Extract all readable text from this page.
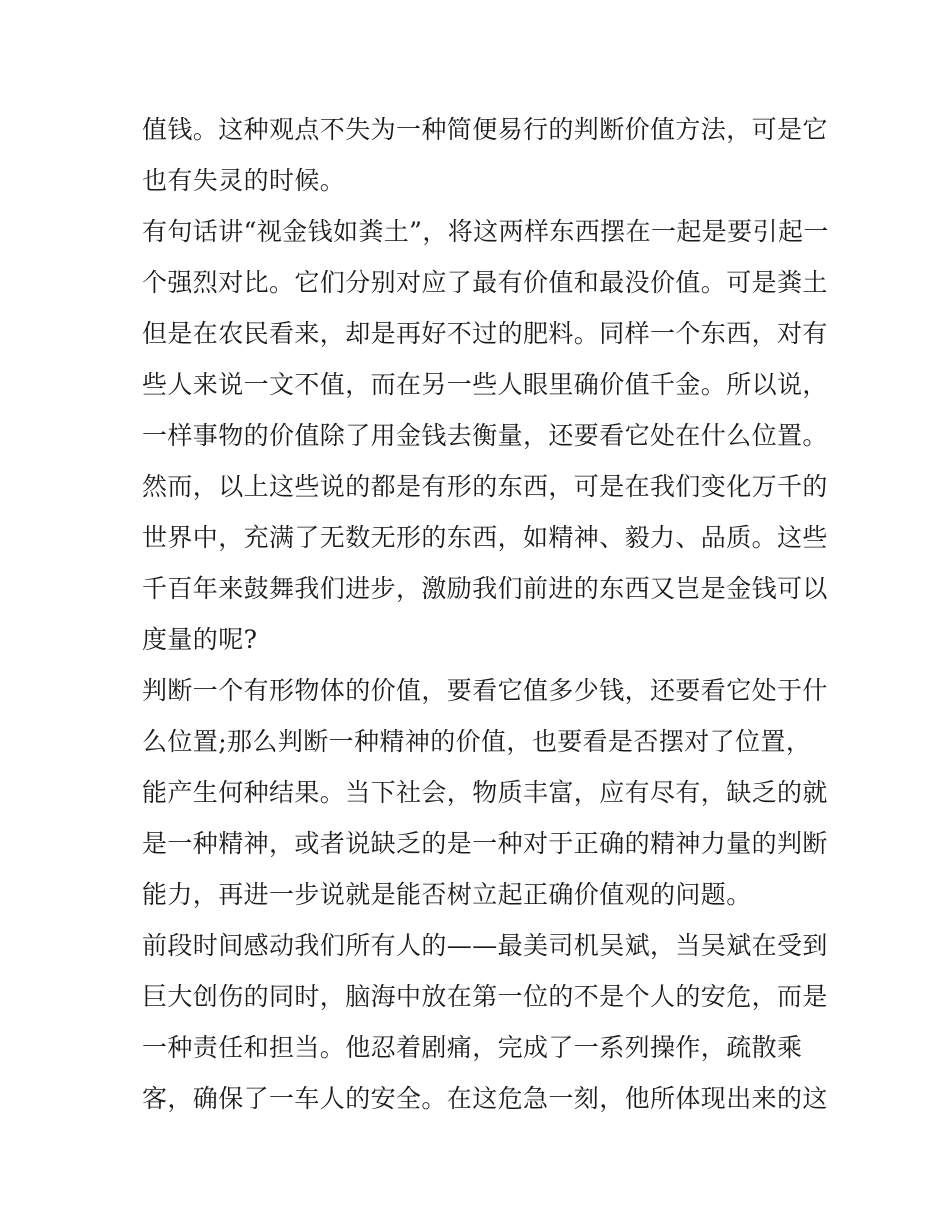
值钱。这种观点不失为一种简便易行的判断价值方法，可是它
也有失灵的时候。
有句话讲“视金钱如粪土”，将这两样东西摆在一起是要引起一
个强烈对比。它们分别对应了最有价值和最没价值。可是粪土
但是在农民看来，却是再好不过的肥料。同样一个东西，对有
些人来说一文不值，而在另一些人眼里确价值千金。所以说，
一样事物的价值除了用金钱去衡量，还要看它处在什么位置。
然而，以上这些说的都是有形的东西，可是在我们变化万千的
世界中，充满了无数无形的东西，如精神、毅力、品质。这些
千百年来鼓舞我们进步，激励我们前进的东西又岂是金钱可以
度量的呢?
判断一个有形物体的价值，要看它值多少钱，还要看它处于什
么位置;那么判断一种精神的价值，也要看是否摆对了位置，
能产生何种结果。当下社会，物质丰富，应有尽有，缺乏的就
是一种精神，或者说缺乏的是一种对于正确的精神力量的判断
能力，再进一步说就是能否树立起正确价值观的问题。
前段时间感动我们所有人的——最美司机吴斌，当吴斌在受到
巨大创伤的同时，脑海中放在第一位的不是个人的安危，而是
一种责任和担当。他忍着剧痛，完成了一系列操作，疏散乘
客，确保了一车人的安全。在这危急一刻，他所体现出来的这
